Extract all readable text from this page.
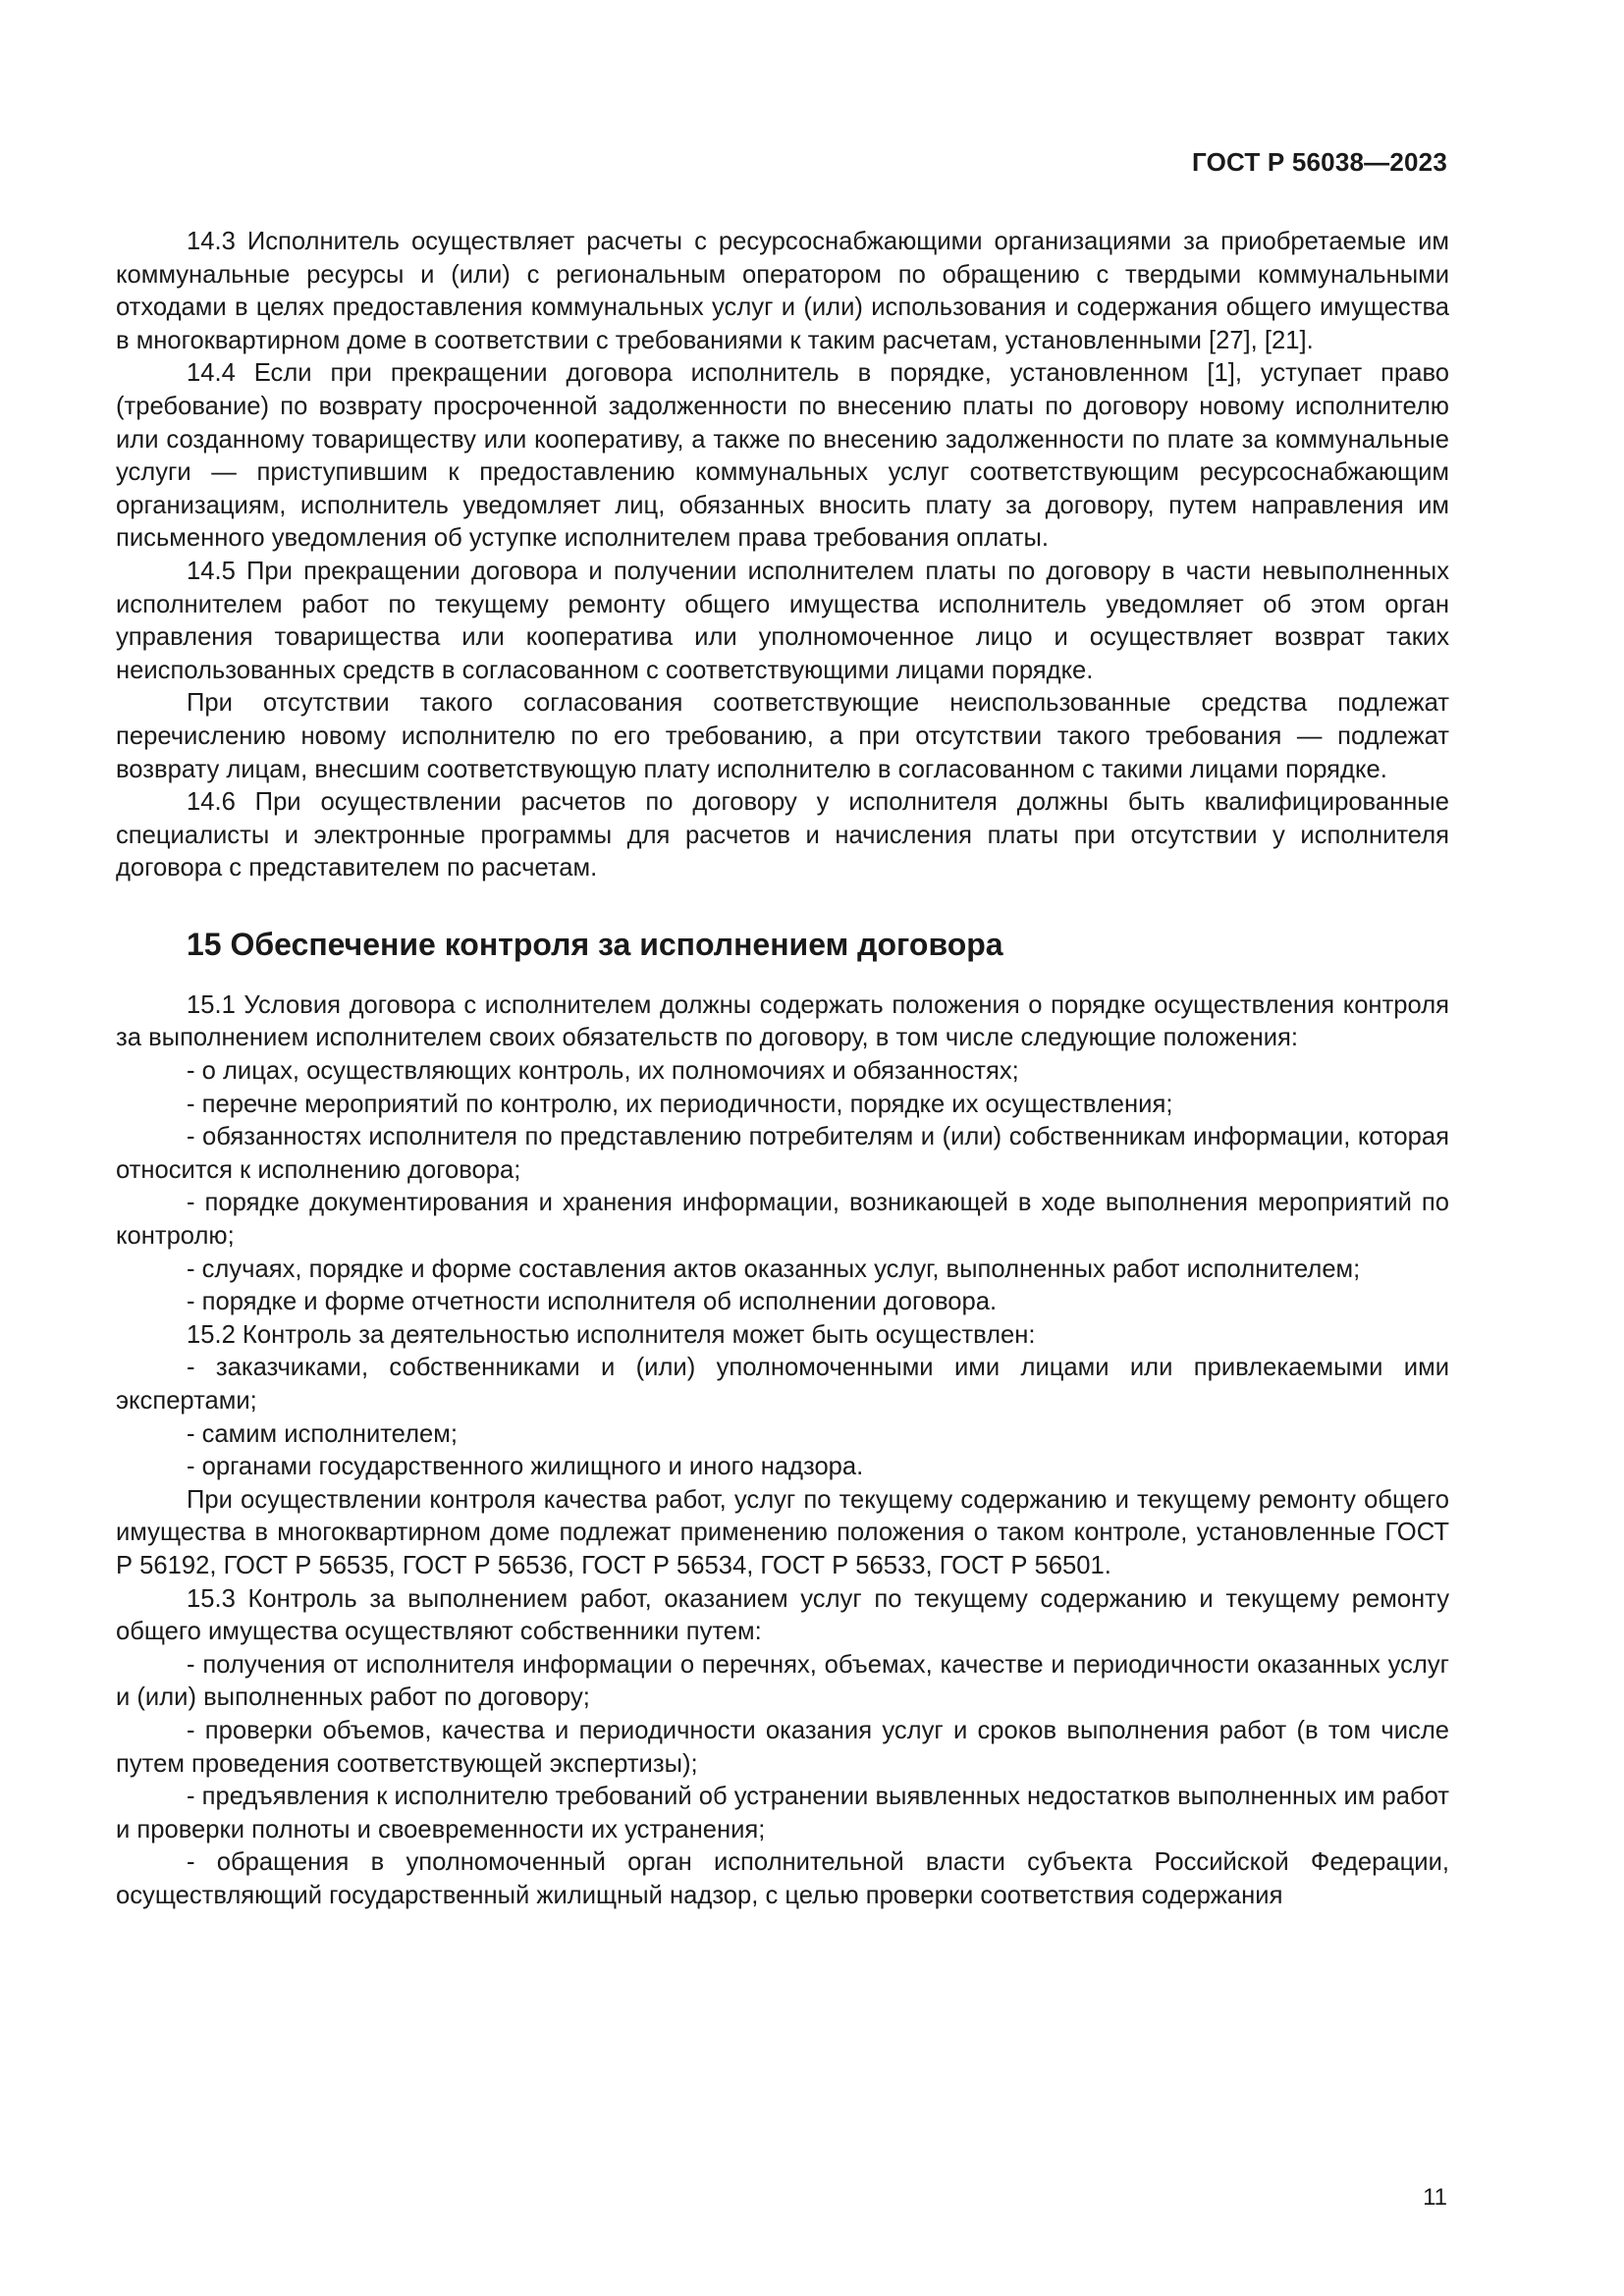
ГОСТ Р 56038—2023

14.3 Исполнитель осуществляет расчеты с ресурсоснабжающими организациями за приобретаемые им коммунальные ресурсы и (или) с региональным оператором по обращению с твердыми коммунальными отходами в целях предоставления коммунальных услуг и (или) использования и содержания общего имущества в многоквартирном доме в соответствии с требованиями к таким расчетам, установленными [27], [21].

14.4 Если при прекращении договора исполнитель в порядке, установленном [1], уступает право (требование) по возврату просроченной задолженности по внесению платы по договору новому исполнителю или созданному товариществу или кооперативу, а также по внесению задолженности по плате за коммунальные услуги — приступившим к предоставлению коммунальных услуг соответствующим ресурсоснабжающим организациям, исполнитель уведомляет лиц, обязанных вносить плату за договору, путем направления им письменного уведомления об уступке исполнителем права требования оплаты.

14.5 При прекращении договора и получении исполнителем платы по договору в части невыполненных исполнителем работ по текущему ремонту общего имущества исполнитель уведомляет об этом орган управления товарищества или кооператива или уполномоченное лицо и осуществляет возврат таких неиспользованных средств в согласованном с соответствующими лицами порядке.

При отсутствии такого согласования соответствующие неиспользованные средства подлежат перечислению новому исполнителю по его требованию, а при отсутствии такого требования — подлежат возврату лицам, внесшим соответствующую плату исполнителю в согласованном с такими лицами порядке.

14.6 При осуществлении расчетов по договору у исполнителя должны быть квалифицированные специалисты и электронные программы для расчетов и начисления платы при отсутствии у исполнителя договора с представителем по расчетам.

15 Обеспечение контроля за исполнением договора

15.1 Условия договора с исполнителем должны содержать положения о порядке осуществления контроля за выполнением исполнителем своих обязательств по договору, в том числе следующие положения:

- о лицах, осуществляющих контроль, их полномочиях и обязанностях;

- перечне мероприятий по контролю, их периодичности, порядке их осуществления;

- обязанностях исполнителя по представлению потребителям и (или) собственникам информации, которая относится к исполнению договора;

- порядке документирования и хранения информации, возникающей в ходе выполнения мероприятий по контролю;

- случаях, порядке и форме составления актов оказанных услуг, выполненных работ исполнителем;

- порядке и форме отчетности исполнителя об исполнении договора.

15.2 Контроль за деятельностью исполнителя может быть осуществлен:

- заказчиками, собственниками и (или) уполномоченными ими лицами или привлекаемыми ими экспертами;

- самим исполнителем;

- органами государственного жилищного и иного надзора.

При осуществлении контроля качества работ, услуг по текущему содержанию и текущему ремонту общего имущества в многоквартирном доме подлежат применению положения о таком контроле, установленные ГОСТ Р 56192, ГОСТ Р 56535, ГОСТ Р 56536, ГОСТ Р 56534, ГОСТ Р 56533, ГОСТ Р 56501.

15.3 Контроль за выполнением работ, оказанием услуг по текущему содержанию и текущему ремонту общего имущества осуществляют собственники путем:

- получения от исполнителя информации о перечнях, объемах, качестве и периодичности оказанных услуг и (или) выполненных работ по договору;

- проверки объемов, качества и периодичности оказания услуг и сроков выполнения работ (в том числе путем проведения соответствующей экспертизы);

- предъявления к исполнителю требований об устранении выявленных недостатков выполненных им работ и проверки полноты и своевременности их устранения;

- обращения в уполномоченный орган исполнительной власти субъекта Российской Федерации, осуществляющий государственный жилищный надзор, с целью проверки соответствия содержания

11
